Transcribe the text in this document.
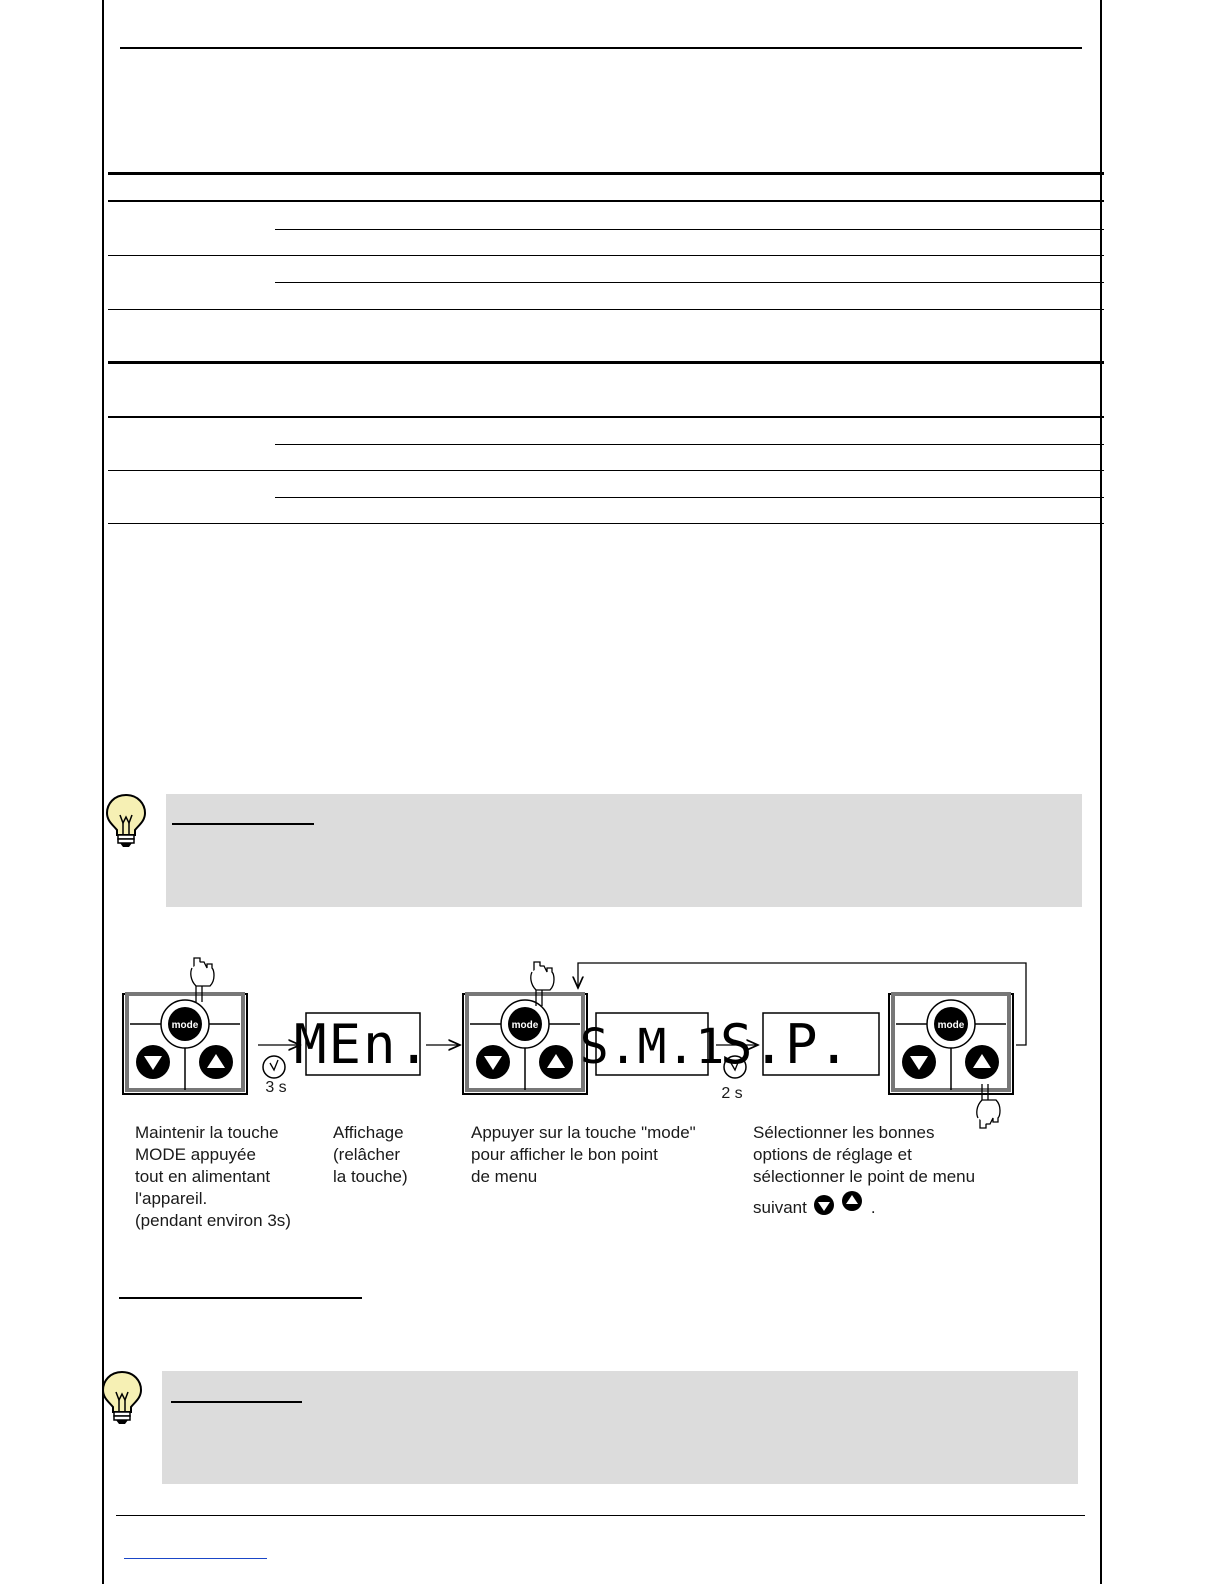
mode
3 s
MEn.	mode S.M.1
2 s
S.P.	mode
Maintenir la touche
MODE appuyée
tout en alimentant
l'appareil.
(pendant environ 3s)
Affichage
(relâcher
la touche)
Appuyer sur la touche "mode"
pour afficher le bon point
de menu
Sélectionner les bonnes
options de réglage et
sélectionner le point de menu
suivant	.
